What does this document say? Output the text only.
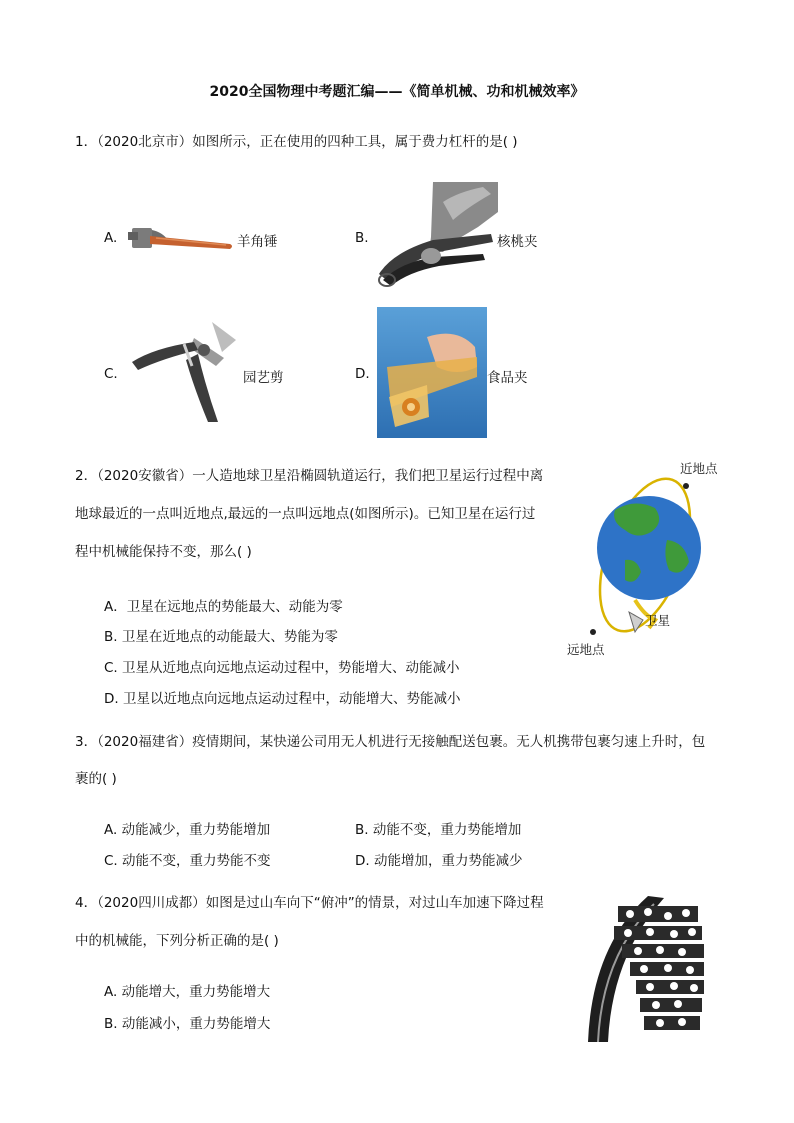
2020全国物理中考题汇编——《简单机械、功和机械效率》
1．（2020北京市）如图所示，正在使用的四种工具，属于费力杠杆的是( )
A.	羊角锤	B.	核桃夹
C.	园艺剪	D.	食品夹
2．（2020安徽省）一人造地球卫星沿椭圆轨道运行，我们把卫星运行过程中离
地球最近的一点叫近地点,最远的一点叫远地点(如图所示)。已知卫星在运行过
程中机械能保持不变，那么( )
A．卫星在远地点的势能最大、动能为零
B. 卫星在近地点的动能最大、势能为零
C. 卫星从近地点向远地点运动过程中，势能增大、动能减小
D. 卫星以近地点向远地点运动过程中，动能增大、势能减小
近地点
远地点
卫星
3．（2020福建省）疫情期间，某快递公司用无人机进行无接触配送包裹。无人机携带包裹匀速上升时，包
裹的( )
A. 动能减少，重力势能增加	B. 动能不变，重力势能增加
C. 动能不变，重力势能不变	D. 动能增加，重力势能减少
4．（2020四川成都）如图是过山车向下“俯冲”的情景，对过山车加速下降过程
中的机械能，下列分析正确的是( )
A. 动能增大，重力势能增大
B. 动能减小，重力势能增大
